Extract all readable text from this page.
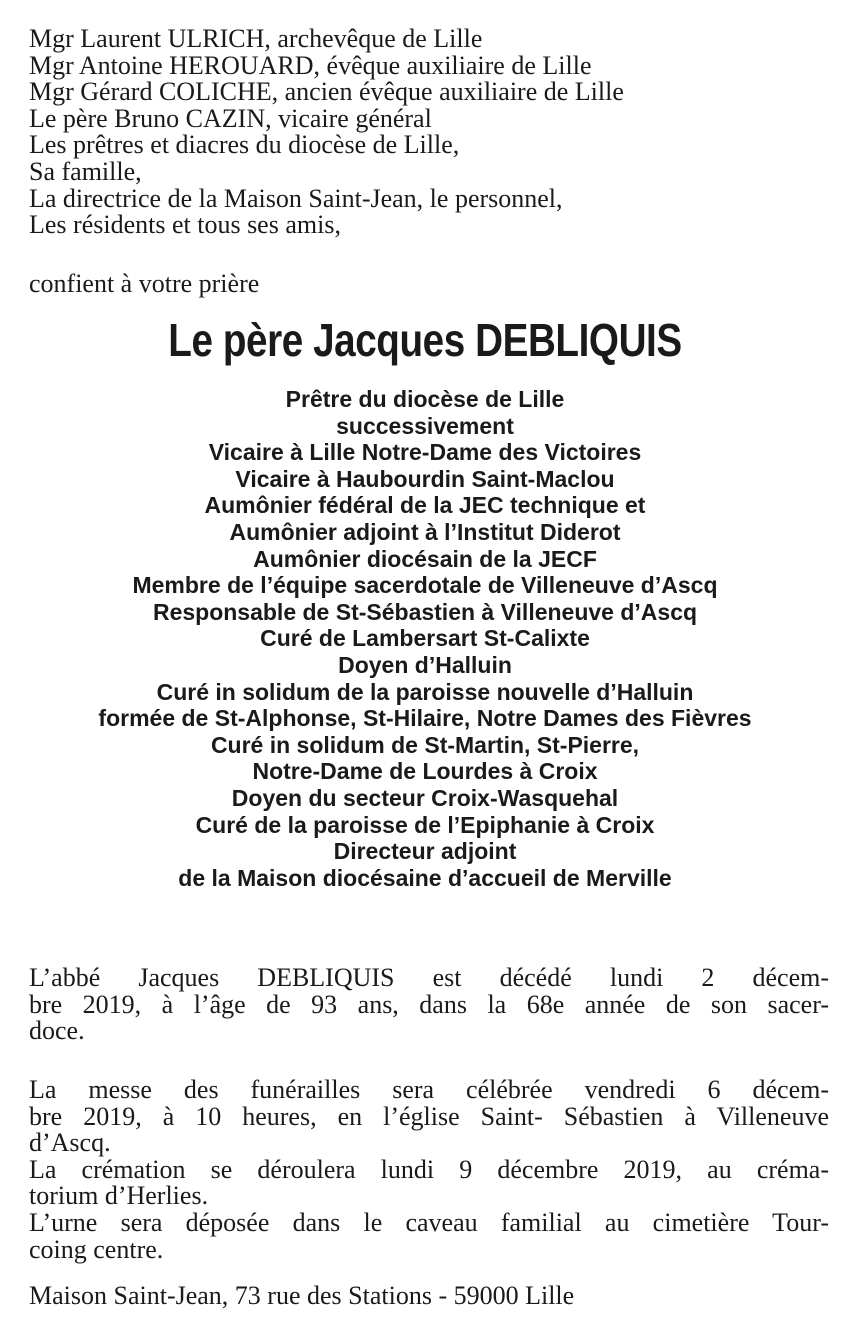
Mgr Laurent ULRICH, archevêque de Lille
Mgr Antoine HEROUARD, évêque auxiliaire de Lille
Mgr Gérard COLICHE, ancien évêque auxiliaire de Lille
Le père Bruno CAZIN, vicaire général
Les prêtres et diacres du diocèse de Lille,
Sa famille,
La directrice de la Maison Saint-Jean, le personnel,
Les résidents et tous ses amis,
confient à votre prière
Le père Jacques DEBLIQUIS
Prêtre du diocèse de Lille
successivement
Vicaire à Lille Notre-Dame des Victoires
Vicaire à Haubourdin Saint-Maclou
Aumônier fédéral de la JEC technique et
Aumônier adjoint à l’Institut Diderot
Aumônier diocésain de la JECF
Membre de l’équipe sacerdotale de Villeneuve d’Ascq
Responsable de St-Sébastien à Villeneuve d’Ascq
Curé de Lambersart St-Calixte
Doyen d’Halluin
Curé in solidum de la paroisse nouvelle d’Halluin
formée de St-Alphonse, St-Hilaire, Notre Dames des Fièvres
Curé in solidum de St-Martin, St-Pierre,
Notre-Dame de Lourdes à Croix
Doyen du secteur Croix-Wasquehal
Curé de la paroisse de l’Epiphanie à Croix
Directeur adjoint
de la Maison diocésaine d’accueil de Merville
L’abbé Jacques DEBLIQUIS est décédé lundi 2 décem-
bre 2019, à l’âge de 93 ans, dans la 68e année de son sacer-
doce.
La messe des funérailles sera célébrée vendredi 6 décem-
bre 2019, à 10 heures, en l’église Saint- Sébastien à Villeneuve
d’Ascq.
La crémation se déroulera lundi 9 décembre 2019, au créma-
torium d’Herlies.
L’urne sera déposée dans le caveau familial au cimetière Tour-
coing centre.
Maison Saint-Jean, 73 rue des Stations - 59000 Lille
